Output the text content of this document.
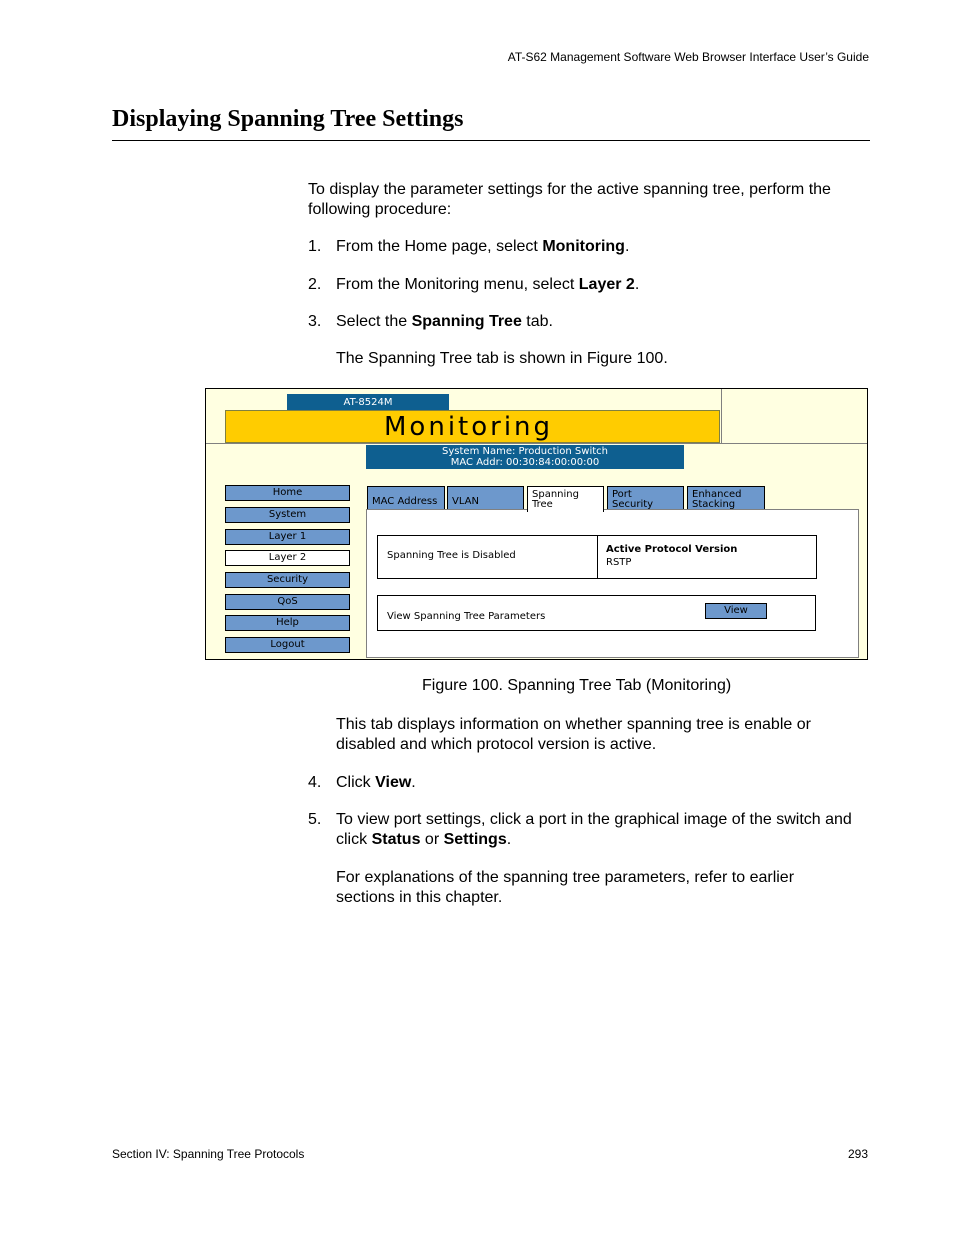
AT-S62 Management Software Web Browser Interface User’s Guide
Displaying Spanning Tree Settings
To display the parameter settings for the active spanning tree, perform the following procedure:
1. From the Home page, select Monitoring.
2. From the Monitoring menu, select Layer 2.
3. Select the Spanning Tree tab.
The Spanning Tree tab is shown in Figure 100.
AT-8524M
Monitoring
System Name: Production Switch
MAC Addr: 00:30:84:00:00:00
Home
System
Layer 1
Layer 2
Security
QoS
Help
Logout
MAC Address	VLAN
Spanning
Tree
Port
Security
Enhanced
Stacking
Spanning Tree is Disabled
Active Protocol Version
RSTP
View Spanning Tree Parameters
View
Figure 100. Spanning Tree Tab (Monitoring)
This tab displays information on whether spanning tree is enable or disabled and which protocol version is active.
4. Click View.
5. To view port settings, click a port in the graphical image of the switch and click Status or Settings.
For explanations of the spanning tree parameters, refer to earlier sections in this chapter.
Section IV: Spanning Tree Protocols	293
